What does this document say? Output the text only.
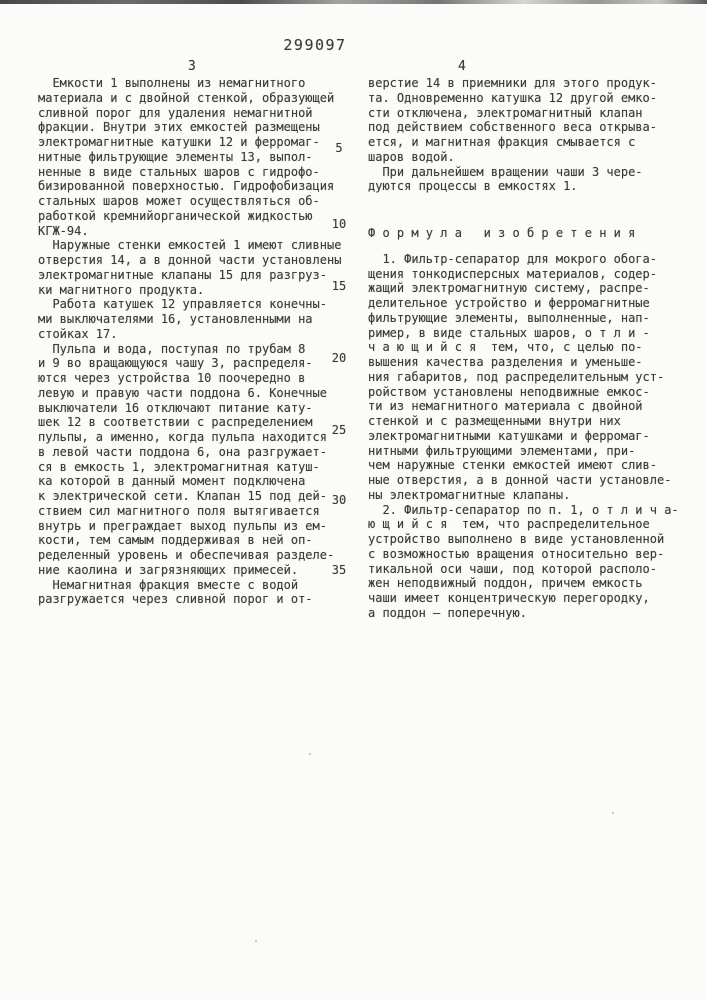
299097
3	4
Емкости 1 выполнены из немагнитного
материала и с двойной стенкой, образующей
сливной порог для удаления немагнитной
фракции. Внутри этих емкостей размещены
электромагнитные катушки 12 и ферромаг-
нитные фильтрующие элементы 13, выпол-
ненные в виде стальных шаров с гидрофо-
бизированной поверхностью. Гидрофобизация
стальных шаров может осуществляться об-
работкой кремнийорганической жидкостью
КГЖ-94.
Наружные стенки емкостей 1 имеют сливные
отверстия 14, а в донной части установлены
электромагнитные клапаны 15 для разгруз-
ки магнитного продукта.
Работа катушек 12 управляется конечны-
ми выключателями 16, установленными на
стойках 17.
Пульпа и вода, поступая по трубам 8
и 9 во вращающуюся чашу 3, распределя-
ются через устройства 10 поочередно в
левую и правую части поддона 6. Конечные
выключатели 16 отключают питание кату-
шек 12 в соответствии с распределением
пульпы, а именно, когда пульпа находится
в левой части поддона 6, она разгружает-
ся в емкость 1, электромагнитная катуш-
ка которой в данный момент подключена
к электрической сети. Клапан 15 под дей-
ствием сил магнитного поля вытягивается
внутрь и преграждает выход пульпы из ем-
кости, тем самым поддерживая в ней оп-
ределенный уровень и обеспечивая разделе-
ние каолина и загрязняющих примесей.
Немагнитная фракция вместе с водой
разгружается через сливной порог и от-
верстие 14 в приемники для этого продук-
та. Одновременно катушка 12 другой емко-
сти отключена, электромагнитный клапан
под действием собственного веса открыва-
ется, и магнитная фракция смывается с
шаров водой.
При дальнейшем вращении чаши 3 чере-
дуются процессы в емкостях 1.
Ф о р м у л а   и з о б р е т е н и я
1. Фильтр-сепаратор для мокрого обога-
щения тонкодисперсных материалов, содер-
жащий электромагнитную систему, распре-
делительное устройство и ферромагнитные
фильтрующие элементы, выполненные, нап-
ример, в виде стальных шаров, о т л и -
ч а ю щ и й с я  тем, что, с целью по-
вышения качества разделения и уменьше-
ния габаритов, под распределительным уст-
ройством установлены неподвижные емкос-
ти из немагнитного материала с двойной
стенкой и с размещенными внутри них
электромагнитными катушками и ферромаг-
нитными фильтрующими элементами, при-
чем наружные стенки емкостей имеют слив-
ные отверстия, а в донной части установле-
ны электромагнитные клапаны.
2. Фильтр-сепаратор по п. 1, о т л и ч а-
ю щ и й с я  тем, что распределительное
устройство выполнено в виде установленной
с возможностью вращения относительно вер-
тикальной оси чаши, под которой располо-
жен неподвижный поддон, причем емкость
чаши имеет концентрическую перегородку,
а поддон — поперечную.
5
10
15
20
25
30
35
